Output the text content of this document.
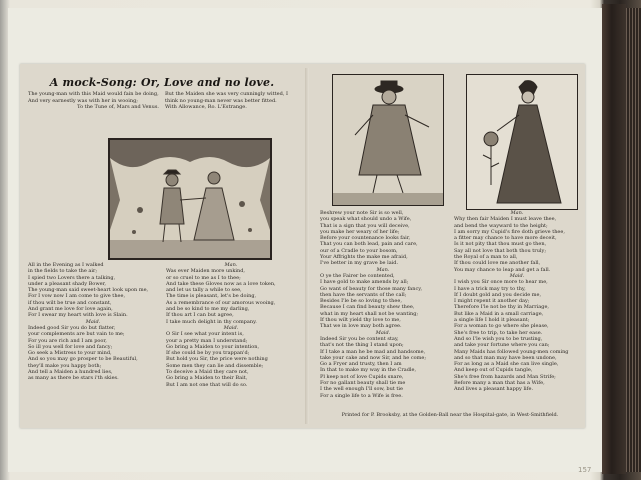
A mock-Song: Or, Love and no love.
The young-man with this Maid would fain be doing, And very earnestly was with her in wooing;
But the Maiden she was very cunningly witted, I think no young-man never was better fitted.
To the Tune of, Mars and Venus. With Allowance, Ro. L'Estrange.

All in the Evening as I walked

in the fields to take the air;

I spied two Lovers there a talking,

under a pleasant shady Bower,

The young-man said sweet-heart look upon me,

For I vow now I am come to give thee,

if thou wilt be true and constant,

And grant me love for love again,

For I swear my heart with love is Slain.

Maid.

Indeed good Sir you do but flatter,

your complements are but vain to me;

For you are rich and I am poor,

So ill you well for love and fancy;

Go seek a Mistress to your mind,

And so you may go prosper to be Beautiful,

they'll make you happy both;

And tell a Maiden a hundred lies,

as many as there be stars i'th skies.

Man.

Was ever Maiden more unkind,

or so cruel to me as I to thee;

And take these Gloves now as a love token,

and let us tally a while to see,

The time is pleasant, let's be doing,

As a remembrance of our amorous wooing,

and be so kind to me my darling,

If thou art I can but agree,

I take much delight in thy company.

Maid.

O Sir I see what your intent is,

your a pretty man I understand;

Go bring a Maiden to your intention,

If she could be by you trappan'd;

But hold you Sir, the price were nothing

Some men they can lie and dissemble;

To deceive a Maid they care not,

Go bring a Maiden to their Bait,

But I am not one that will do so.

Beshrew your note Sir is so well,

you speak what should undo a Wife,

That is a sign that you will deceive,

you make her weary of her life;

Before your countenance looks fair,

That you can both lead, pain and care,

our of a Cradle to your bosom,

Your Affrights the make me afraid,

I've better in my grave be laid.

Man.

O ye the Fairer be contented,

I have gold to make amends by all;

Go want of beauty for those many fancy,

then have the servants of the call;

Besides I'le be so loving to thee,

Because I can find beauty shew thee,

what in my heart shall not be wanting;

If thou wilt yield thy love to me,

That we in love may both agree.

Maid.

Indeed Sir you be content stay,

that's not the thing I stand upon;

If I take a man he be mad and handsome,

take your cake and now Sir, and he come;

Go a Fryer and trusty, then I am

In that to make my way in the Cradle,

Pl keep not of love Cupids snare,

For no gallant beauty shall tie me

I the well enough I'll sow, but tie

For a single life to a Wife is free.

Man.

Why then fair Maiden I must leave thee,

and bend the wayward to the height;

I am sorry my Cupid's fire doth grieve thee,

a fitter may chance to have more deceit,

Is it not pity that thou must go then,

Say all not love that both thou truly;

the Royal of a man to all,

If thou could love me another fall,

You may chance to leap and get a fall.

Maid.

I wish you Sir once more to hear me,

I have a trick may try to thy,

If I doubt gold and you decide me,

I might repent it another day;

Therefore I'le not be thy in Marriage,

But like a Maid in a small carriage,

a single life I hold it pleasant;

For a woman to go where she please,

She's free to trip, to take her ease.

And so I'le wish you to be trusting,

and take your fortune where you can;

Many Maids has followed young-men coming

and so that man may have been undone,

For as long as a Maid she can live single,

And keep out of Cupids tangle,

She's free from hazards and Man Strife;

Before many a man that has a Wife,

And lives a pleasant happy life.

Printed for P. Brooksby, at the Golden-Ball near the Hospital-gate, in West-Smithfield.
157
